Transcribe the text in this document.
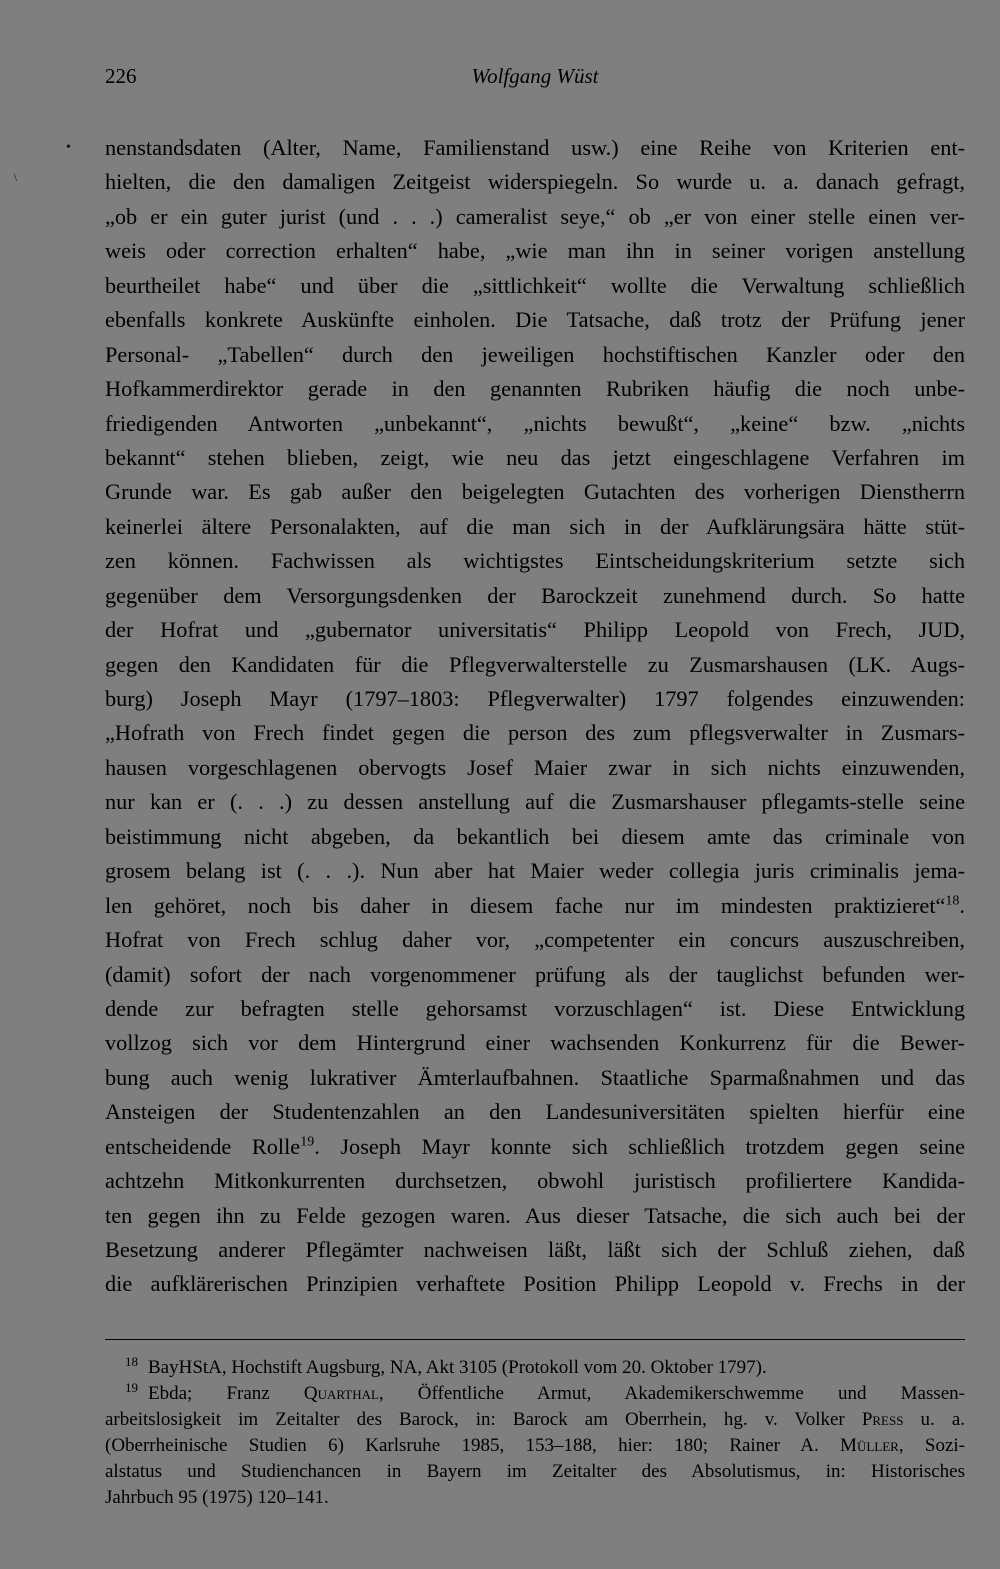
226	Wolfgang Wüst
•
\
nenstandsdaten (Alter, Name, Familienstand usw.) eine Reihe von Kriterien ent-
hielten, die den damaligen Zeitgeist widerspiegeln. So wurde u. a. danach gefragt,
„ob er ein guter jurist (und . . .) cameralist seye,“ ob „er von einer stelle einen ver-
weis oder correction erhalten“ habe, „wie man ihn in seiner vorigen anstellung
beurtheilet habe“ und über die „sittlichkeit“ wollte die Verwaltung schließlich
ebenfalls konkrete Auskünfte einholen. Die Tatsache, daß trotz der Prüfung jener
Personal- „Tabellen“ durch den jeweiligen hochstiftischen Kanzler oder den
Hofkammerdirektor gerade in den genannten Rubriken häufig die noch unbe-
friedigenden Antworten „unbekannt“, „nichts bewußt“, „keine“ bzw. „nichts
bekannt“ stehen blieben, zeigt, wie neu das jetzt eingeschlagene Verfahren im
Grunde war. Es gab außer den beigelegten Gutachten des vorherigen Dienstherrn
keinerlei ältere Personalakten, auf die man sich in der Aufklärungsära hätte stüt-
zen können. Fachwissen als wichtigstes Eintscheidungskriterium setzte sich
gegenüber dem Versorgungsdenken der Barockzeit zunehmend durch. So hatte
der Hofrat und „gubernator universitatis“ Philipp Leopold von Frech, JUD,
gegen den Kandidaten für die Pflegverwalterstelle zu Zusmarshausen (LK. Augs-
burg) Joseph Mayr (1797–1803: Pflegverwalter) 1797 folgendes einzuwenden:
„Hofrath von Frech findet gegen die person des zum pflegsverwalter in Zusmars-
hausen vorgeschlagenen obervogts Josef Maier zwar in sich nichts einzuwenden,
nur kan er (. . .) zu dessen anstellung auf die Zusmarshauser pflegamts-stelle seine
beistimmung nicht abgeben, da bekantlich bei diesem amte das criminale von
grosem belang ist (. . .). Nun aber hat Maier weder collegia juris criminalis jema-
len gehöret, noch bis daher in diesem fache nur im mindesten praktizieret“$^{18}$.
Hofrat von Frech schlug daher vor, „competenter ein concurs auszuschreiben,
(damit) sofort der nach vorgenommener prüfung als der tauglichst befunden wer-
dende zur befragten stelle gehorsamst vorzuschlagen“ ist. Diese Entwicklung
vollzog sich vor dem Hintergrund einer wachsenden Konkurrenz für die Bewer-
bung auch wenig lukrativer Ämterlaufbahnen. Staatliche Sparmaßnahmen und das
Ansteigen der Studentenzahlen an den Landesuniversitäten spielten hierfür eine
entscheidende Rolle$^{19}$. Joseph Mayr konnte sich schließlich trotzdem gegen seine
achtzehn Mitkonkurrenten durchsetzen, obwohl juristisch profiliertere Kandida-
ten gegen ihn zu Felde gezogen waren. Aus dieser Tatsache, die sich auch bei der
Besetzung anderer Pflegämter nachweisen läßt, läßt sich der Schluß ziehen, daß
die aufklärerischen Prinzipien verhaftete Position Philipp Leopold v. Frechs in der
$^{18}$ BayHStA, Hochstift Augsburg, NA, Akt 3105 (Protokoll vom 20. Oktober 1797).
$^{19}$ Ebda; Franz Quarthal, Öffentliche Armut, Akademikerschwemme und Massen-
arbeitslosigkeit im Zeitalter des Barock, in: Barock am Oberrhein, hg. v. Volker Press u. a.
(Oberrheinische Studien 6) Karlsruhe 1985, 153–188, hier: 180; Rainer A. Müller, Sozi-
alstatus und Studienchancen in Bayern im Zeitalter des Absolutismus, in: Historisches
Jahrbuch 95 (1975) 120–141.
